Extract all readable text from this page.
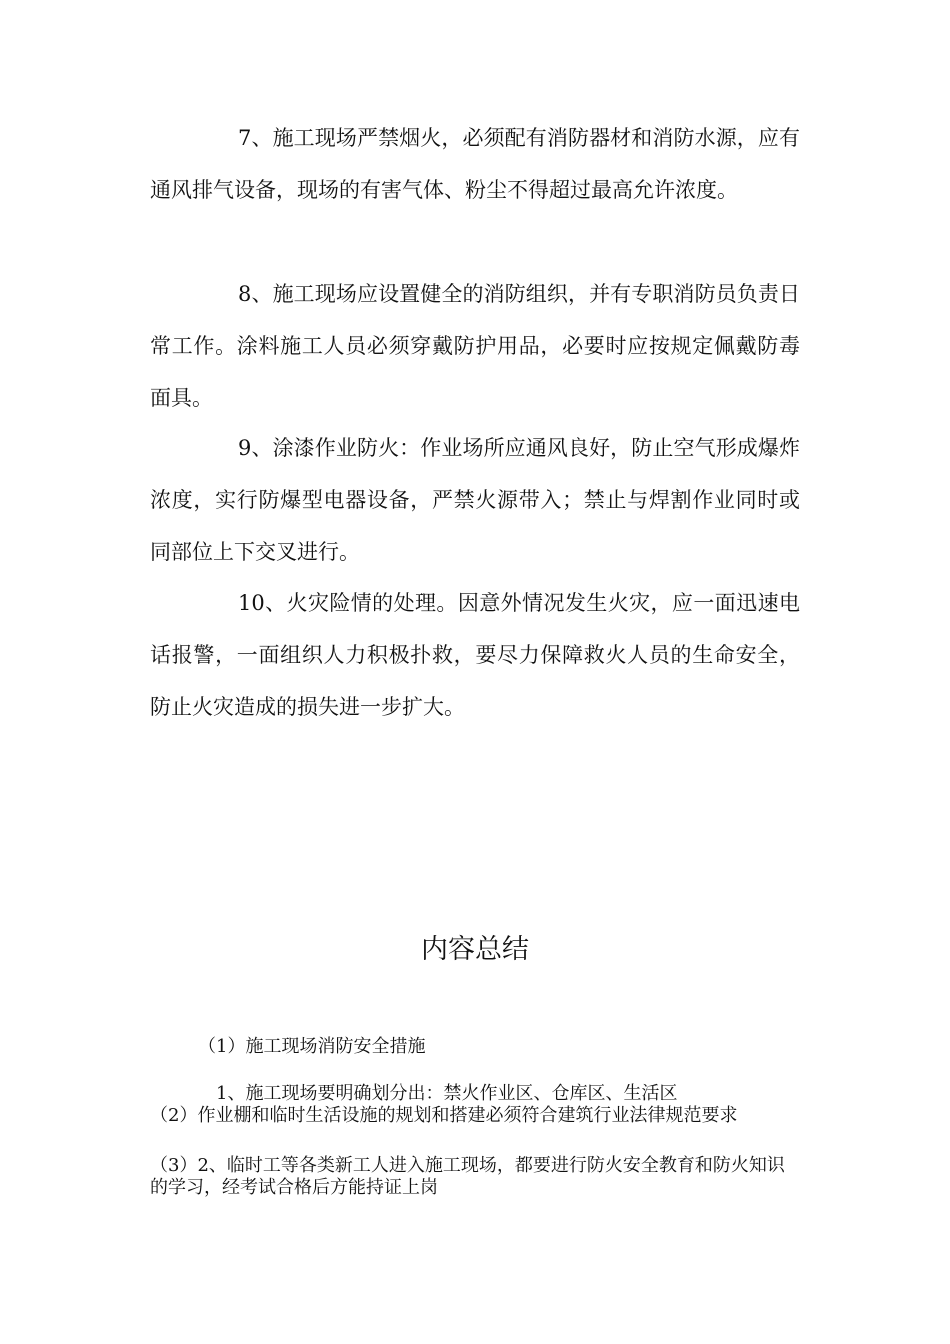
7、施工现场严禁烟火，必须配有消防器材和消防水源，应有通风排气设备，现场的有害气体、粉尘不得超过最高允许浓度。

8、施工现场应设置健全的消防组织，并有专职消防员负责日常工作。涂料施工人员必须穿戴防护用品，必要时应按规定佩戴防毒面具。

9、涂漆作业防火：作业场所应通风良好，防止空气形成爆炸浓度，实行防爆型电器设备，严禁火源带入；禁止与焊割作业同时或同部位上下交叉进行。

10、火灾险情的处理。因意外情况发生火灾，应一面迅速电话报警，一面组织人力积极扑救，要尽力保障救火人员的生命安全，防止火灾造成的损失进一步扩大。

内容总结

（1）施工现场消防安全措施

1、施工现场要明确划分出：禁火作业区、仓库区、生活区

（2）作业棚和临时生活设施的规划和搭建必须符合建筑行业法律规范要求

（3）2、临时工等各类新工人进入施工现场，都要进行防火安全教育和防火知识的学习，经考试合格后方能持证上岗
